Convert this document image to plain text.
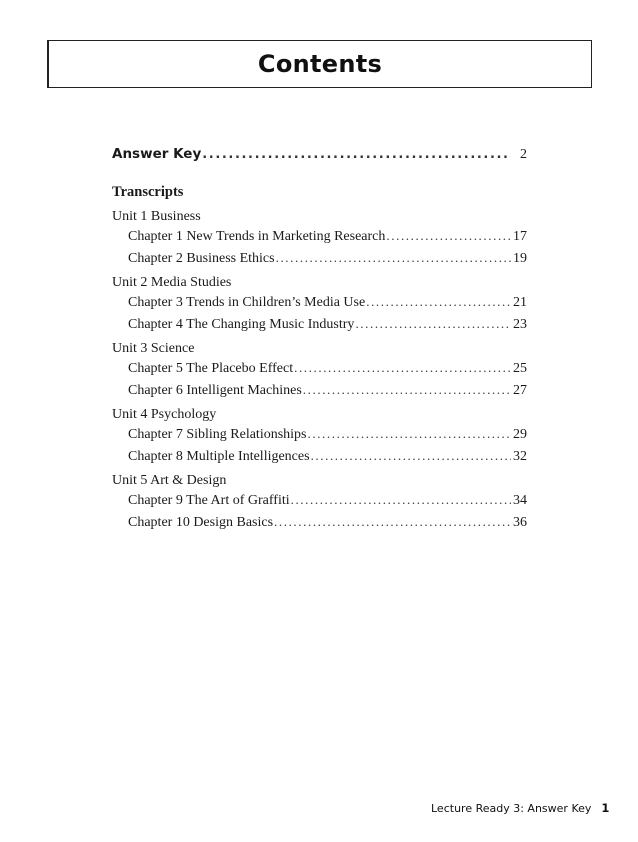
Contents
Answer Key .....	2
Transcripts
Unit 1 Business
Chapter 1 New Trends in Marketing Research .....	17
Chapter 2 Business Ethics .....	19
Unit 2 Media Studies
Chapter 3 Trends in Children’s Media Use .....	21
Chapter 4 The Changing Music Industry .....	23
Unit 3 Science
Chapter 5 The Placebo Effect .....	25
Chapter 6 Intelligent Machines .....	27
Unit 4 Psychology
Chapter 7 Sibling Relationships .....	29
Chapter 8 Multiple Intelligences .....	32
Unit 5 Art & Design
Chapter 9 The Art of Graffiti .....	34
Chapter 10 Design Basics .....	36
Lecture Ready 3: Answer Key 1
